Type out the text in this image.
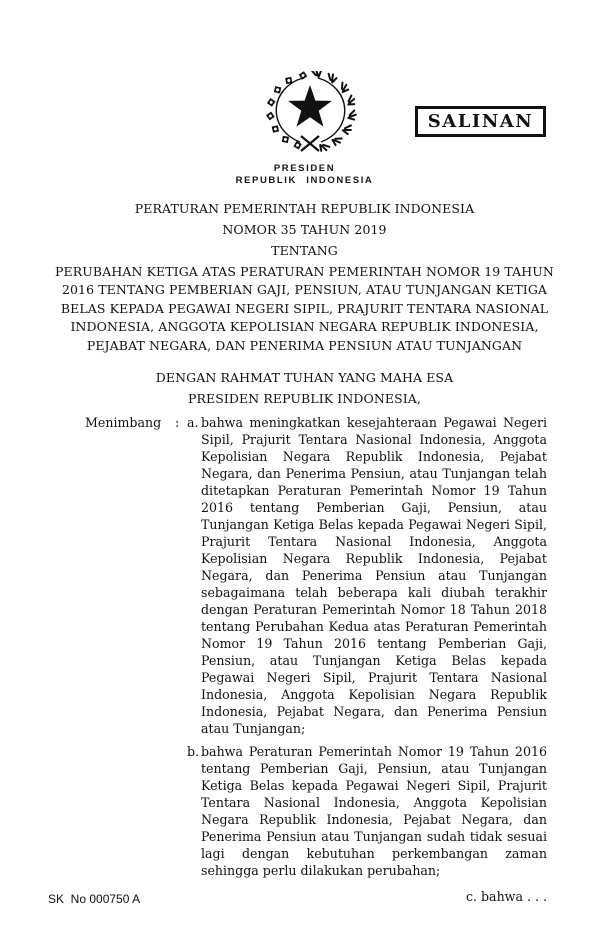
PRESIDEN
REPUBLIK INDONESIA
SALINAN
PERATURAN PEMERINTAH REPUBLIK INDONESIA
NOMOR 35 TAHUN 2019
TENTANG
PERUBAHAN KETIGA ATAS PERATURAN PEMERINTAH NOMOR 19 TAHUN
2016 TENTANG PEMBERIAN GAJI, PENSIUN, ATAU TUNJANGAN KETIGA
BELAS KEPADA PEGAWAI NEGERI SIPIL, PRAJURIT TENTARA NASIONAL
INDONESIA, ANGGOTA KEPOLISIAN NEGARA REPUBLIK INDONESIA,
PEJABAT NEGARA, DAN PENERIMA PENSIUN ATAU TUNJANGAN
DENGAN RAHMAT TUHAN YANG MAHA ESA
PRESIDEN REPUBLIK INDONESIA,
Menimbang : a. bahwa meningkatkan kesejahteraan Pegawai Negeri Sipil, Prajurit Tentara Nasional Indonesia, Anggota Kepolisian Negara Republik Indonesia, Pejabat Negara, dan Penerima Pensiun, atau Tunjangan telah ditetapkan Peraturan Pemerintah Nomor 19 Tahun 2016 tentang Pemberian Gaji, Pensiun, atau Tunjangan Ketiga Belas kepada Pegawai Negeri Sipil, Prajurit Tentara Nasional Indonesia, Anggota Kepolisian Negara Republik Indonesia, Pejabat Negara, dan Penerima Pensiun atau Tunjangan sebagaimana telah beberapa kali diubah terakhir dengan Peraturan Pemerintah Nomor 18 Tahun 2018 tentang Perubahan Kedua atas Peraturan Pemerintah Nomor 19 Tahun 2016 tentang Pemberian Gaji, Pensiun, atau Tunjangan Ketiga Belas kepada Pegawai Negeri Sipil, Prajurit Tentara Nasional Indonesia, Anggota Kepolisian Negara Republik Indonesia, Pejabat Negara, dan Penerima Pensiun atau Tunjangan;
b. bahwa Peraturan Pemerintah Nomor 19 Tahun 2016 tentang Pemberian Gaji, Pensiun, atau Tunjangan Ketiga Belas kepada Pegawai Negeri Sipil, Prajurit Tentara Nasional Indonesia, Anggota Kepolisian Negara Republik Indonesia, Pejabat Negara, dan Penerima Pensiun atau Tunjangan sudah tidak sesuai lagi dengan kebutuhan perkembangan zaman sehingga perlu dilakukan perubahan;
c. bahwa . . .
SK  No 000750 A
